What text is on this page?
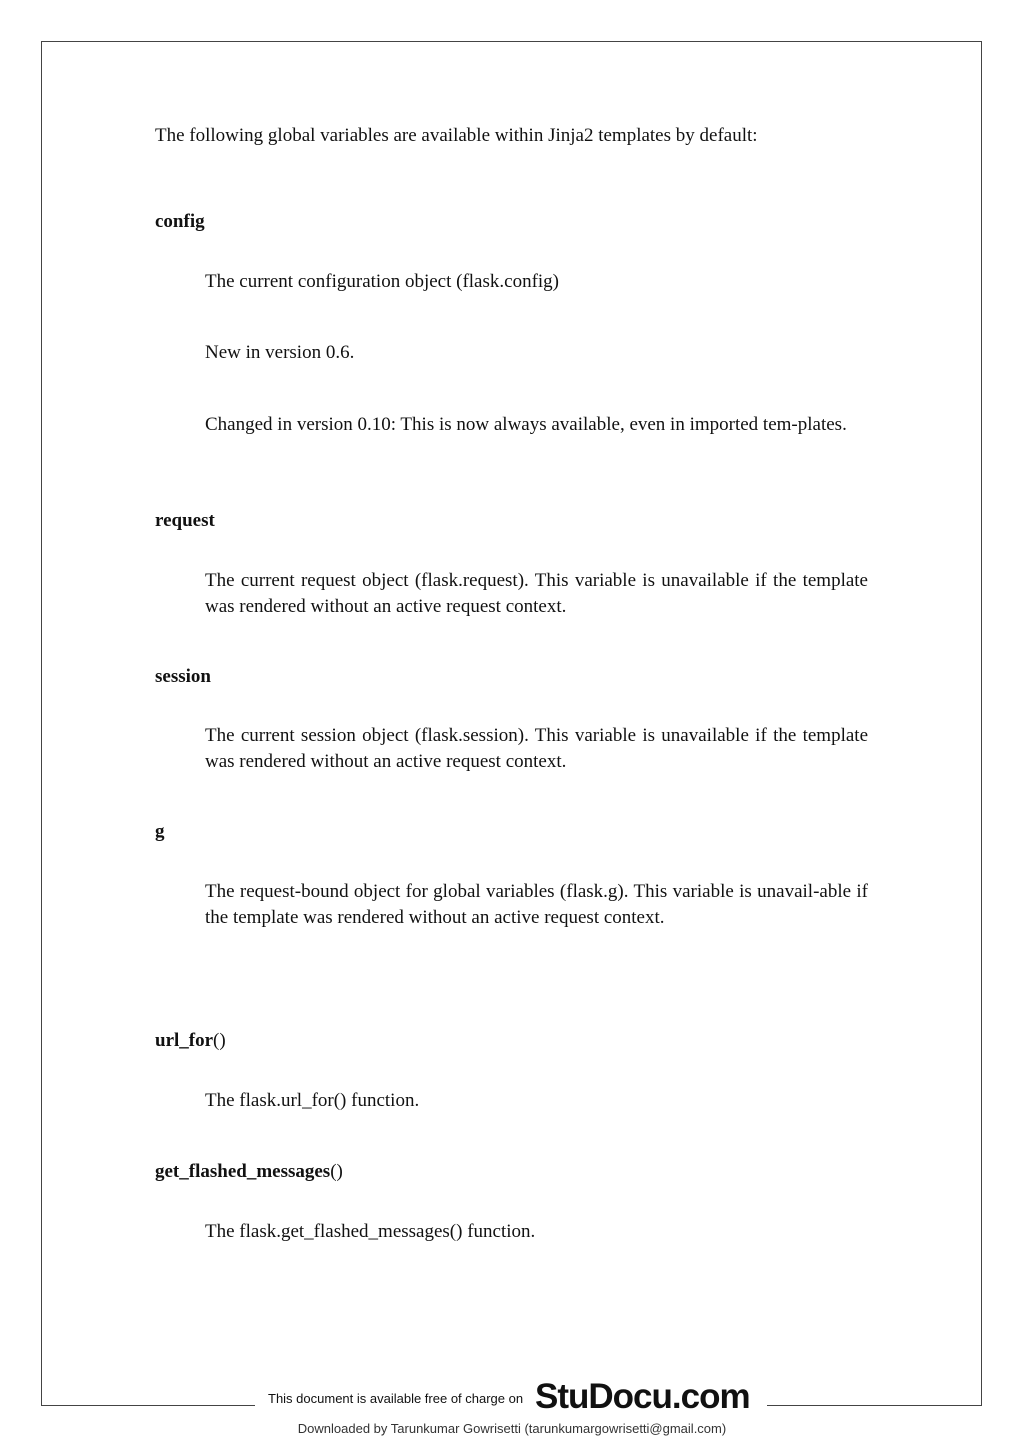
The following global variables are available within Jinja2 templates by default:

config

The current configuration object (flask.config)

New in version 0.6.

Changed in version 0.10: This is now always available, even in imported tem-plates.

request

The current request object (flask.request). This variable is unavailable if the template was rendered without an active request context.

session

The current session object (flask.session). This variable is unavailable if the template was rendered without an active request context.

g

The request-bound object for global variables (flask.g). This variable is unavail-able if the template was rendered without an active request context.

url_for()

The flask.url_for() function.

get_flashed_messages()

The flask.get_flashed_messages() function.

This document is available free of charge on StuDocu.com
Downloaded by Tarunkumar Gowrisetti (tarunkumargowrisetti@gmail.com)
